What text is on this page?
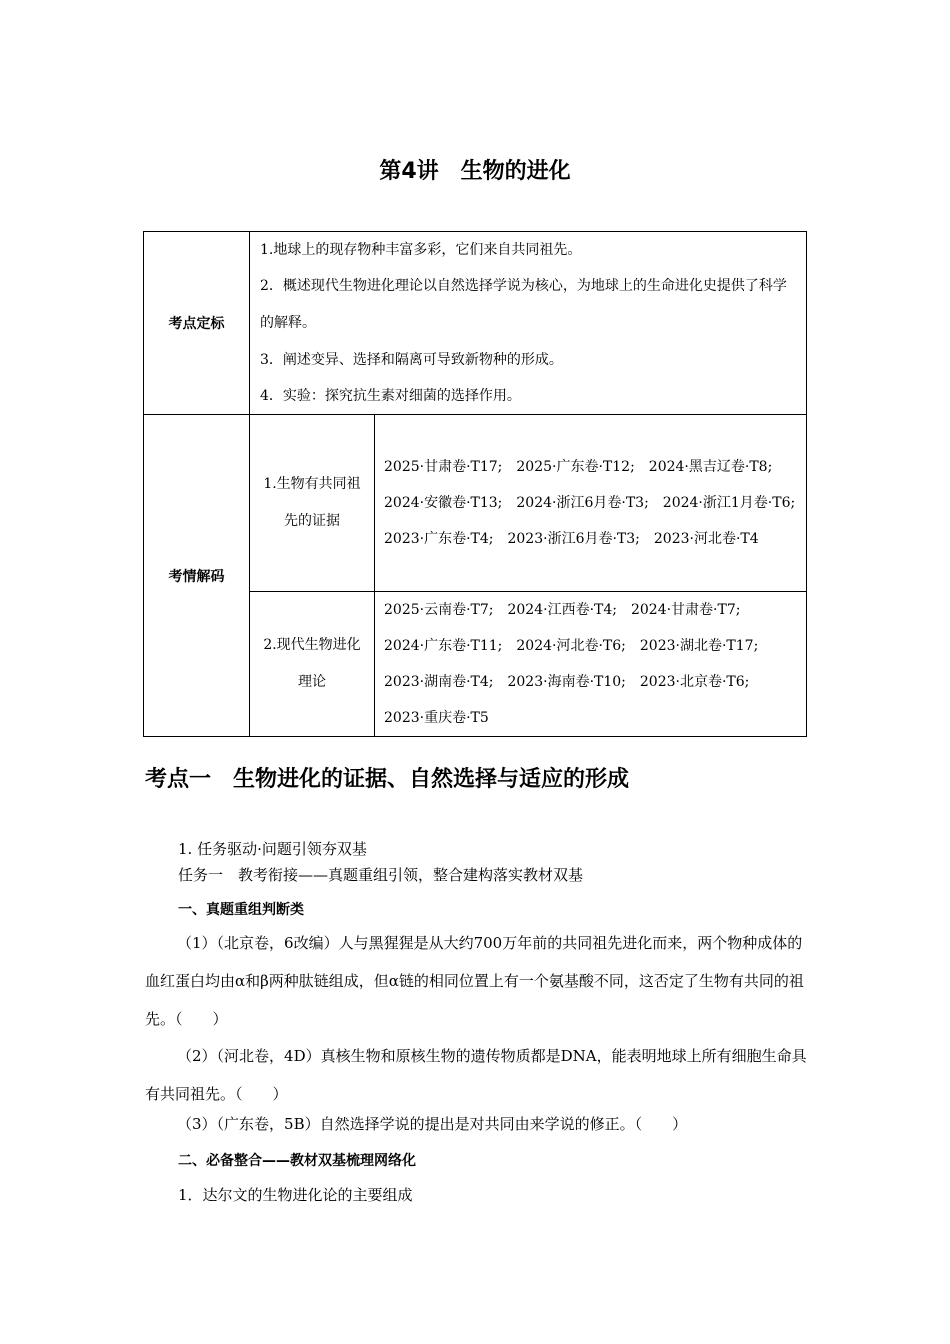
第4讲　生物的进化
考点定标	1.地球上的现存物种丰富多彩，它们来自共同祖先。

2．概述现代生物进化理论以自然选择学说为核心，为地球上的生命进化史提供了科学的解释。

3．阐述变异、选择和隔离可导致新物种的形成。

4．实验：探究抗生素对细菌的选择作用。	

考情解码	1.生物有共同祖先的证据	2025·甘肃卷·T17;　2025·广东卷·T12;　2024·黑吉辽卷·T8;

2024·安徽卷·T13;　2024·浙江6月卷·T3;　2024·浙江1月卷·T6;

2023·广东卷·T4;　2023·浙江6月卷·T3;　2023·河北卷·T4

	2.现代生物进化理论	2025·云南卷·T7;　2024·江西卷·T4;　2024·甘肃卷·T7;

2024·广东卷·T11;　2024·河北卷·T6;　2023·湖北卷·T17;

2023·湖南卷·T4;　2023·海南卷·T10;　2023·北京卷·T6;

2023·重庆卷·T5

考点一　生物进化的证据、自然选择与适应的形成
1. 任务驱动·问题引领夯双基
任务一　教考衔接——真题重组引领，整合建构落实教材双基
一、真题重组判断类
（1）（北京卷，6改编）人与黑猩猩是从大约700万年前的共同祖先进化而来，两个物种成体的血红蛋白均由α和β两种肽链组成，但α链的相同位置上有一个氨基酸不同，这否定了生物有共同的祖先。（　　）
（2）（河北卷，4D）真核生物和原核生物的遗传物质都是DNA，能表明地球上所有细胞生命具有共同祖先。（　　）
（3）（广东卷，5B）自然选择学说的提出是对共同由来学说的修正。（　　）
二、必备整合——教材双基梳理网络化
1．达尔文的生物进化论的主要组成
